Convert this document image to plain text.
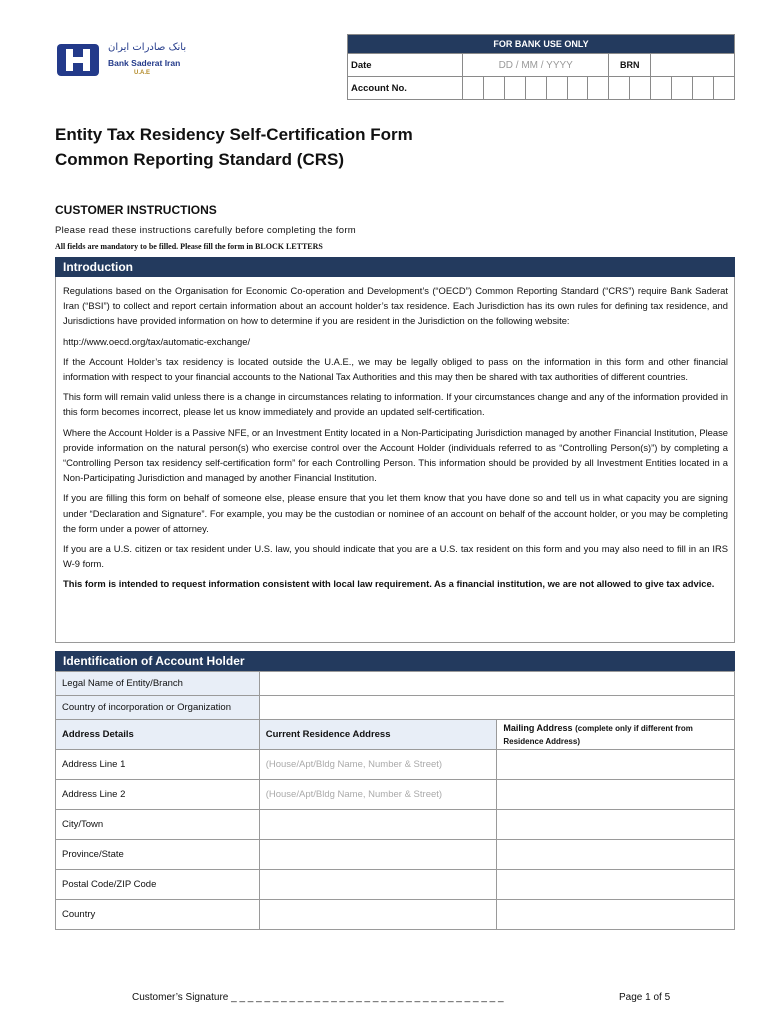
بانک صادرات ایران
Bank Saderat Iran
U.A.E
FOR BANK USE ONLY													
Date	DD / MM / YYYY							BRN					
Account No.													
Entity Tax Residency Self-Certification Form
Common Reporting Standard (CRS)
CUSTOMER INSTRUCTIONS
Please read these instructions carefully before completing the form
All fields are mandatory to be filled. Please fill the form in BLOCK LETTERS
Introduction

Regulations based on the Organisation for Economic Co-operation and Development’s (“OECD”) Common Reporting Standard (“CRS”) require Bank Saderat Iran (“BSI”) to collect and report certain information about an account holder’s tax residence. Each Jurisdiction has its own rules for defining tax residence, and Jurisdictions have provided information on how to determine if you are resident in the Jurisdiction on the following website:

http://www.oecd.org/tax/automatic-exchange/

If the Account Holder’s tax residency is located outside the U.A.E., we may be legally obliged to pass on the information in this form and other financial information with respect to your financial accounts to the National Tax Authorities and this may then be shared with tax authorities of different countries.

This form will remain valid unless there is a change in circumstances relating to information. If your circumstances change and any of the information provided in this form becomes incorrect, please let us know immediately and provide an updated self-certification.

Where the Account Holder is a Passive NFE, or an Investment Entity located in a Non-Participating Jurisdiction managed by another Financial Institution, Please provide information on the natural person(s) who exercise control over the Account Holder (individuals referred to as “Controlling Person(s)”) by completing a “Controlling Person tax residency self-certification form” for each Controlling Person. This information should be provided by all Investment Entities located in a Non-Participating Jurisdiction and managed by another Financial Institution.

If you are filling this form on behalf of someone else, please ensure that you let them know that you have done so and tell us in what capacity you are signing under “Declaration and Signature”. For example, you may be the custodian or nominee of an account on behalf of the account holder, or you may be completing the form under a power of attorney.

If you are a U.S. citizen or tax resident under U.S. law, you should indicate that you are a U.S. tax resident on this form and you may also need to fill in an IRS W-9 form.

This form is intended to request information consistent with local law requirement. As a financial institution, we are not allowed to give tax advice.

Identification of Account Holder
Legal Name of Entity/Branch		
Country of incorporation or Organization		
Address Details	Current Residence Address	Mailing Address (complete only if different from Residence Address)
Address Line 1	(House/Apt/Bldg Name, Number & Street)	
Address Line 2	(House/Apt/Bldg Name, Number & Street)	
City/Town		
Province/State		
Postal Code/ZIP Code		
Country		
Customer’s Signature _ _ _ _ _ _ _ _ _ _ _ _ _ _ _ _ _ _ _ _ _ _ _ _ _ _ _ _ _ _ _ _ _	Page 1 of 5
